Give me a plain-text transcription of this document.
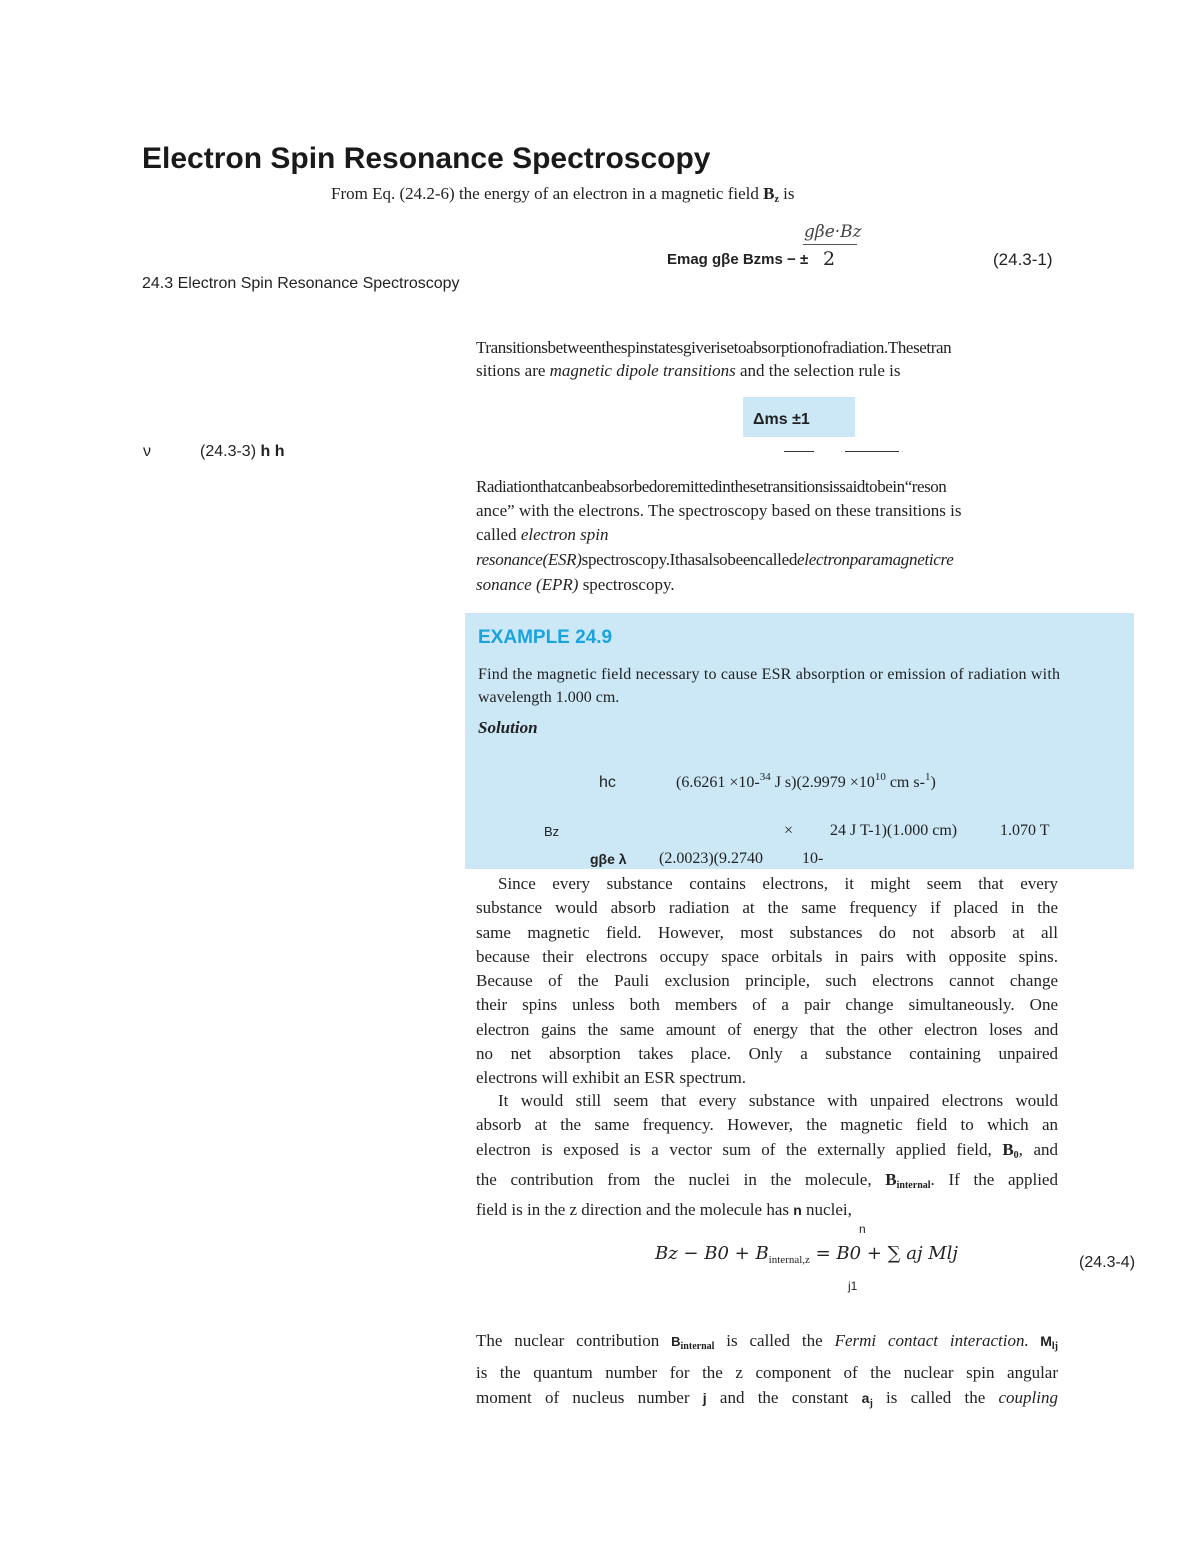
Electron Spin Resonance Spectroscopy
From Eq. (24.2-6) the energy of an electron in a magnetic field $B_z$ is
gβe·Bz
Emag gβe Bzms − ± 2	(24.3-1)
24.3 Electron Spin Resonance Spectroscopy
Transitionsbetweenthespinstatesgiverisetoabsorptionofradiation.Thesetran
sitions are magnetic dipole transitions and the selection rule is
Δms ±1
ν	(24.3-3) h h
Radiationthatcanbeabsorbedoremittedinthesetransitionsissaidtobein“reson
ance” with the electrons. The spectroscopy based on these transitions is
called electron spin
resonance(ESR)spectroscopy.Ithasalsobeencalledelectronparamagneticre
sonance (EPR) spectroscopy.
EXAMPLE 24.9
Find the magnetic field necessary to cause ESR absorption or emission of radiation with
wavelength 1.000 cm.
Solution
hc	(6.6261 ×10-$^{34}$ J $s)(2.9979 \times 10^{10}$ cm s-$^1$)
Bz	× 24 J T-1)(1.000 cm)	1.070 T
gβe λ (2.0023)(9.2740 10-
Since every substance contains electrons, it might seem that every
substance would absorb radiation at the same frequency if placed in the
same magnetic field. However, most substances do not absorb at all
because their electrons occupy space orbitals in pairs with opposite spins.
Because of the Pauli exclusion principle, such electrons cannot change
their spins unless both members of a pair change simultaneously. One
electron gains the same amount of energy that the other electron loses and
no net absorption takes place. Only a substance containing unpaired
electrons will exhibit an ESR spectrum.
It would still seem that every substance with unpaired electrons would
absorb at the same frequency. However, the magnetic field to which an
electron is exposed is a vector sum of the externally applied field, $B_0$, and
the contribution from the nuclei in the molecule, $B_{internal}$. If the applied
field is in the z direction and the molecule has n nuclei,
n
$Bz - B0 + B_{internal,z} = B0$ + ∑ aj Mlj
j1
(24.3-4)
The nuclear contribution $B_{internal}$ is called the Fermi contact interaction. $M_{lj}$
is the quantum number for the z component of the nuclear spin angular
moment of nucleus number j and the constant $a_j$ is called the coupling
